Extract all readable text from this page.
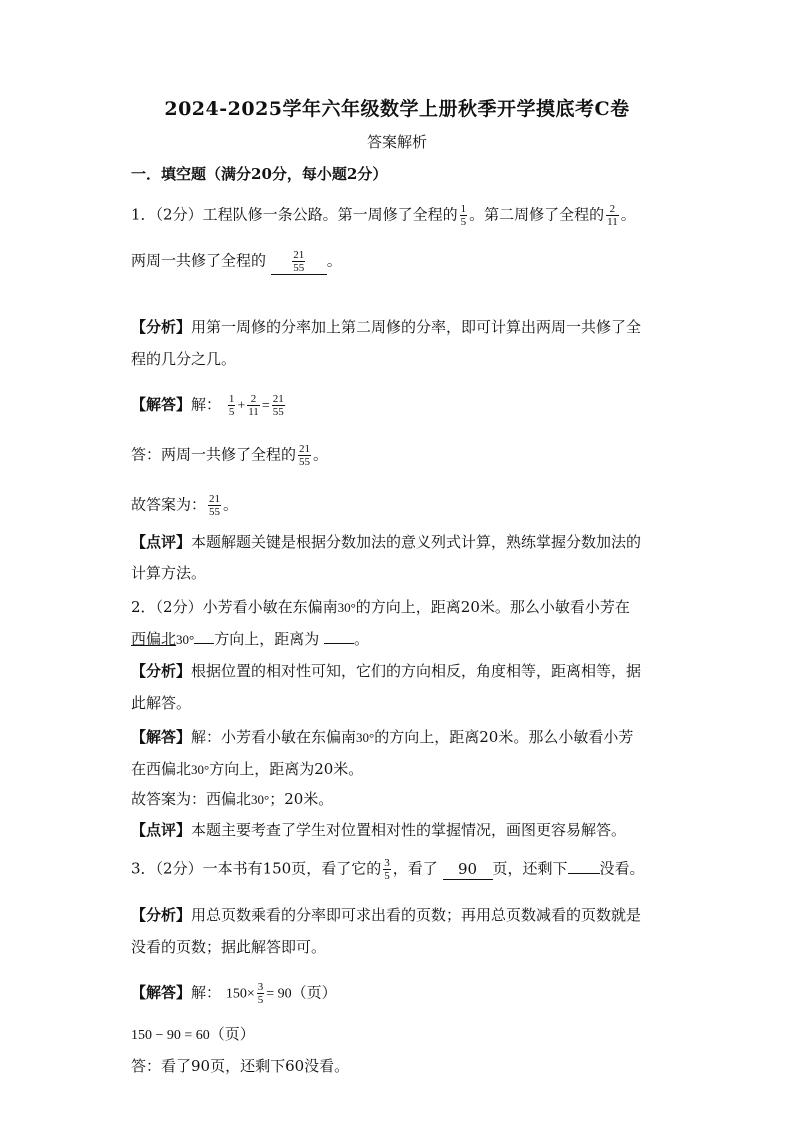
2024-2025学年六年级数学上册秋季开学摸底考C卷
答案解析
一．填空题（满分20分，每小题2分）
1．（2分）工程队修一条公路。第一周修了全程的 $\frac{1}{5}$ 。第二周修了全程的 $\frac{2}{11}$ 。
两周一共修了全程的 $\frac{21}{55}$ 。
【分析】用第一周修的分率加上第二周修的分率，即可计算出两周一共修了全
程的几分之几。
【解答】解： $\frac{1}{5} + \frac{2}{11} = \frac{21}{55}$
答：两周一共修了全程的 $\frac{21}{55}$ 。
故答案为： $\frac{21}{55}$ 。
【点评】本题解题关键是根据分数加法的意义列式计算，熟练掌握分数加法的
计算方法。
2．（2分）小芳看小敏在东偏南30°的方向上，距离20米。那么小敏看小芳在
西偏北30° 方向上，距离为 。
【分析】根据位置的相对性可知，它们的方向相反，角度相等，距离相等，据
此解答。
【解答】解：小芳看小敏在东偏南30°的方向上，距离20米。那么小敏看小芳
在西偏北30°方向上，距离为20米。
故答案为：西偏北30°；20米。
【点评】本题主要考查了学生对位置相对性的掌握情况，画图更容易解答。
3．（2分）一本书有150页，看了它的 $\frac{3}{5}$ ，看了 90 页，还剩下 没看。
【分析】用总页数乘看的分率即可求出看的页数；再用总页数减看的页数就是
没看的页数；据此解答即可。
【解答】解： $150\times \frac{3}{5} = 90$（页）
150 − 90 = 60（页）
答：看了90页，还剩下60没看。
